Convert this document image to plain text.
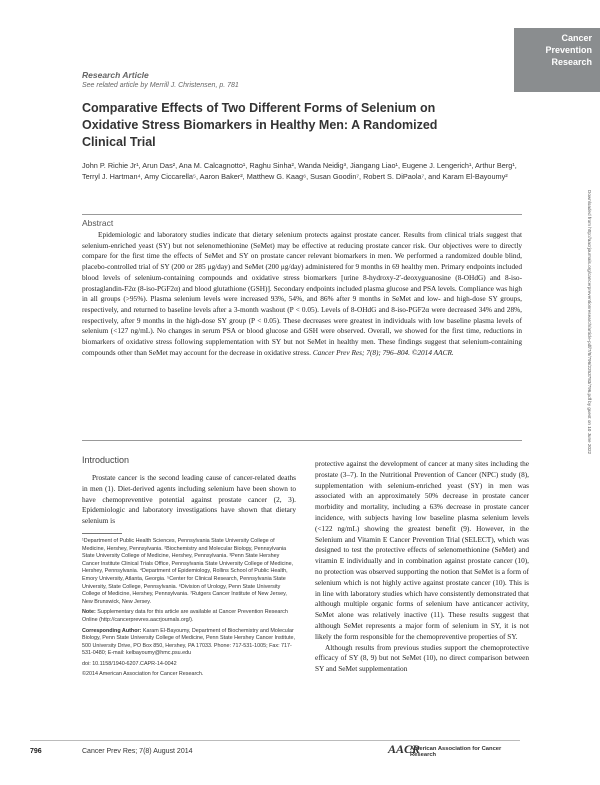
Cancer
Prevention
Research
Research Article
See related article by Merrill J. Christensen, p. 781
Comparative Effects of Two Different Forms of Selenium on Oxidative Stress Biomarkers in Healthy Men: A Randomized Clinical Trial
John P. Richie Jr¹, Arun Das², Ana M. Calcagnotto¹, Raghu Sinha², Wanda Neidig³, Jiangang Liao¹, Eugene J. Lengerich¹, Arthur Berg¹, Terryl J. Hartman⁴, Amy Ciccarella⁵, Aaron Baker², Matthew G. Kaag⁶, Susan Goodin⁷, Robert S. DiPaola⁷, and Karam El-Bayoumy²
Abstract
Epidemiologic and laboratory studies indicate that dietary selenium protects against prostate cancer. Results from clinical trials suggest that selenium-enriched yeast (SY) but not selenomethionine (SeMet) may be effective at reducing prostate cancer risk. Our objectives were to directly compare for the first time the effects of SeMet and SY on prostate cancer relevant biomarkers in men. We performed a randomized double blind, placebo-controlled trial of SY (200 or 285 μg/day) and SeMet (200 μg/day) administered for 9 months in 69 healthy men. Primary endpoints included blood levels of selenium-containing compounds and oxidative stress biomarkers [urine 8-hydroxy-2′-deoxyguanosine (8-OHdG) and 8-iso-prostaglandin-F2α (8-iso-PGF2α) and blood glutathione (GSH)]. Secondary endpoints included plasma glucose and PSA levels. Compliance was high in all groups (>95%). Plasma selenium levels were increased 93%, 54%, and 86% after 9 months in SeMet and low- and high-dose SY groups, respectively, and returned to baseline levels after a 3-month washout (P < 0.05). Levels of 8-OHdG and 8-iso-PGF2α were decreased 34% and 28%, respectively, after 9 months in the high-dose SY group (P < 0.05). These decreases were greatest in individuals with low baseline plasma levels of selenium (<127 ng/mL). No changes in serum PSA or blood glucose and GSH were observed. Overall, we showed for the first time, reductions in biomarkers of oxidative stress following supplementation with SY but not SeMet in healthy men. These findings suggest that selenium-containing compounds other than SeMet may account for the decrease in oxidative stress. Cancer Prev Res; 7(8); 796–804. ©2014 AACR.	Downloaded from http://aacrjournals.org/cancerpreventionresearch/article-pdf/7/8/796/2253783/796.pdf by guest on 10 June 2022
Introduction

Prostate cancer is the second leading cause of cancer-related deaths in men (1). Diet-derived agents including selenium have been shown to have chemopreventive potential against prostate cancer (2, 3). Epidemiologic and laboratory investigations have shown that dietary selenium is

¹Department of Public Health Sciences, Pennsylvania State University College of Medicine, Hershey, Pennsylvania. ²Biochemistry and Molecular Biology, Pennsylvania State University College of Medicine, Hershey, Pennsylvania. ³Penn State Hershey Cancer Institute Clinical Trials Office, Pennsylvania State University College of Medicine, Hershey, Pennsylvania. ⁴Department of Epidemiology, Rollins School of Public Health, Emory University, Atlanta, Georgia. ⁵Center for Clinical Research, Pennsylvania State University, State College, Pennsylvania. ⁶Division of Urology, Penn State University College of Medicine, Hershey, Pennsylvania. ⁷Rutgers Cancer Institute of New Jersey, New Brunswick, New Jersey.

Note: Supplementary data for this article are available at Cancer Prevention Research Online (http://cancerprevres.aacrjournals.org/).

Corresponding Author: Karam El-Bayoumy, Department of Biochemistry and Molecular Biology, Penn State University College of Medicine, Penn State Hershey Cancer Institute, 500 University Drive, PO Box 850, Hershey, PA 17033. Phone: 717-531-1005; Fax: 717-531-0480; E-mail: kelbayoumy@hmc.psu.edu

doi: 10.1158/1940-6207.CAPR-14-0042

©2014 American Association for Cancer Research.

protective against the development of cancer at many sites including the prostate (3–7). In the Nutritional Prevention of Cancer (NPC) study (8), supplementation with selenium-enriched yeast (SY) in men was associated with an approximately 50% decrease in prostate cancer morbidity and mortality, including a 63% decrease in prostate cancer incidence, with subjects having low baseline plasma selenium levels (<122 ng/mL) showing the greatest benefit (9). However, in the Selenium and Vitamin E Cancer Prevention Trial (SELECT), which was designed to test the protective effects of selenomethionine (SeMet) and vitamin E individually and in combination against prostate cancer (10), no protection was observed supporting the notion that SeMet is a form of selenium which is not highly active against prostate cancer (10). This is in line with laboratory studies which have consistently demonstrated that although multiple organic forms of selenium have anticancer activity, SeMet alone was relatively inactive (11). These results suggest that although SeMet represents a major form of selenium in SY, it is not likely the form responsible for the chemopreventive properties of SY.

Although results from previous studies support the chemoprotective efficacy of SY (8, 9) but not SeMet (10), no direct comparison between SY and SeMet supplementation

796	Cancer Prev Res; 7(8) August 2014	AACR
American Association for Cancer Research
